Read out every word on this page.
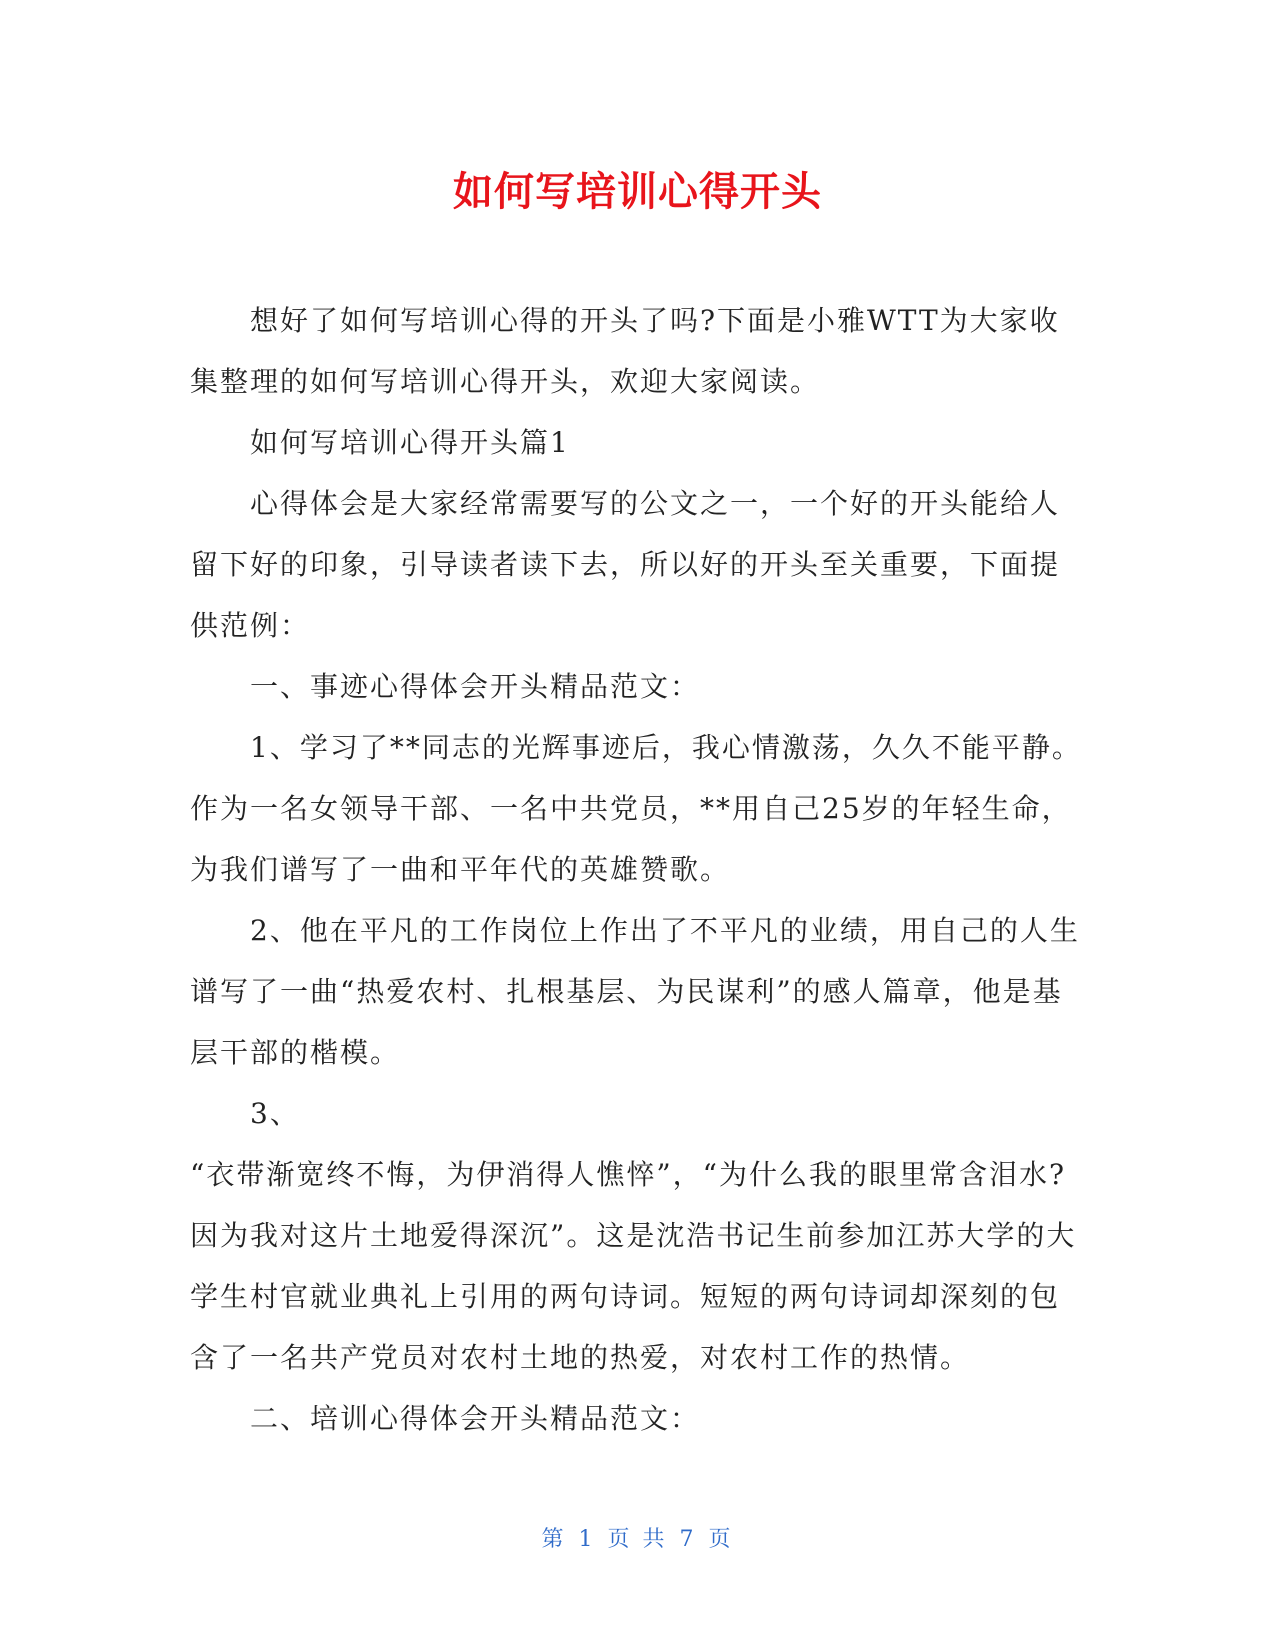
如何写培训心得开头

想好了如何写培训心得的开头了吗?下面是小雅WTT为大家收集整理的如何写培训心得开头，欢迎大家阅读。

如何写培训心得开头篇1

心得体会是大家经常需要写的公文之一，一个好的开头能给人留下好的印象，引导读者读下去，所以好的开头至关重要，下面提供范例：

一、事迹心得体会开头精品范文：

1、学习了**同志的光辉事迹后，我心情激荡，久久不能平静。作为一名女领导干部、一名中共党员，**用自己25岁的年轻生命，为我们谱写了一曲和平年代的英雄赞歌。

2、他在平凡的工作岗位上作出了不平凡的业绩，用自己的人生谱写了一曲“热爱农村、扎根基层、为民谋利”的感人篇章，他是基层干部的楷模。

3、

“衣带渐宽终不悔，为伊消得人憔悴”，“为什么我的眼里常含泪水?因为我对这片土地爱得深沉”。这是沈浩书记生前参加江苏大学的大学生村官就业典礼上引用的两句诗词。短短的两句诗词却深刻的包含了一名共产党员对农村土地的热爱，对农村工作的热情。

二、培训心得体会开头精品范文：

第 1 页 共 7 页
